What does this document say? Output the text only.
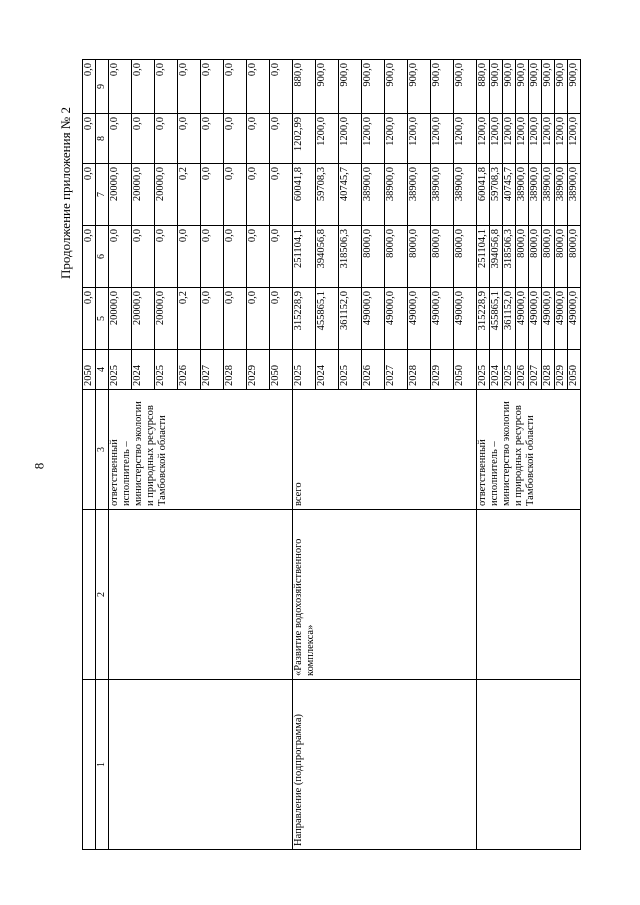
8
Продолжение приложения № 2
			2050	0,0	0,0	0,0	0,0	0,0
1	2	3	4	5	6	7	8	9
		ответственный исполнитель – министерство экологии и природных ресурсов Тамбовской области	2025	20000,0	0,0	20000,0	0,0	0,0
			2024	20000,0	0,0	20000,0	0,0	0,0
			2025	20000,0	0,0	20000,0	0,0	0,0
			2026	0,2	0,0	0,2	0,0	0,0
			2027	0,0	0,0	0,0	0,0	0,0
			2028	0,0	0,0	0,0	0,0	0,0
			2029	0,0	0,0	0,0	0,0	0,0
			2050	0,0	0,0	0,0	0,0	0,0
Направление (подпрограмма)	«Развитие водохозяйственного комплекса»	всего	2025	315228,9	251104,1	60041,8	1202,99	880,0
			2024	455865,1	394056,8	59708,3	1200,0	900,0
			2025	361152,0	318506,3	40745,7	1200,0	900,0
			2026	49000,0	8000,0	38900,0	1200,0	900,0
			2027	49000,0	8000,0	38900,0	1200,0	900,0
			2028	49000,0	8000,0	38900,0	1200,0	900,0
			2029	49000,0	8000,0	38900,0	1200,0	900,0
			2050	49000,0	8000,0	38900,0	1200,0	900,0
		ответственный исполнитель – министерство экологии и природных ресурсов Тамбовской области	2025	315228,9	251104,1	60041,8	1200,0	880,0
			2024	455865,1	394056,8	59708,3	1200,0	900,0
			2025	361152,0	318506,3	40745,7	1200,0	900,0
			2026	49000,0	8000,0	38900,0	1200,0	900,0
			2027	49000,0	8000,0	38900,0	1200,0	900,0
			2028	49000,0	8000,0	38900,0	1200,0	900,0
			2029	49000,0	8000,0	38900,0	1200,0	900,0
			2050	49000,0	8000,0	38900,0	1200,0	900,0
